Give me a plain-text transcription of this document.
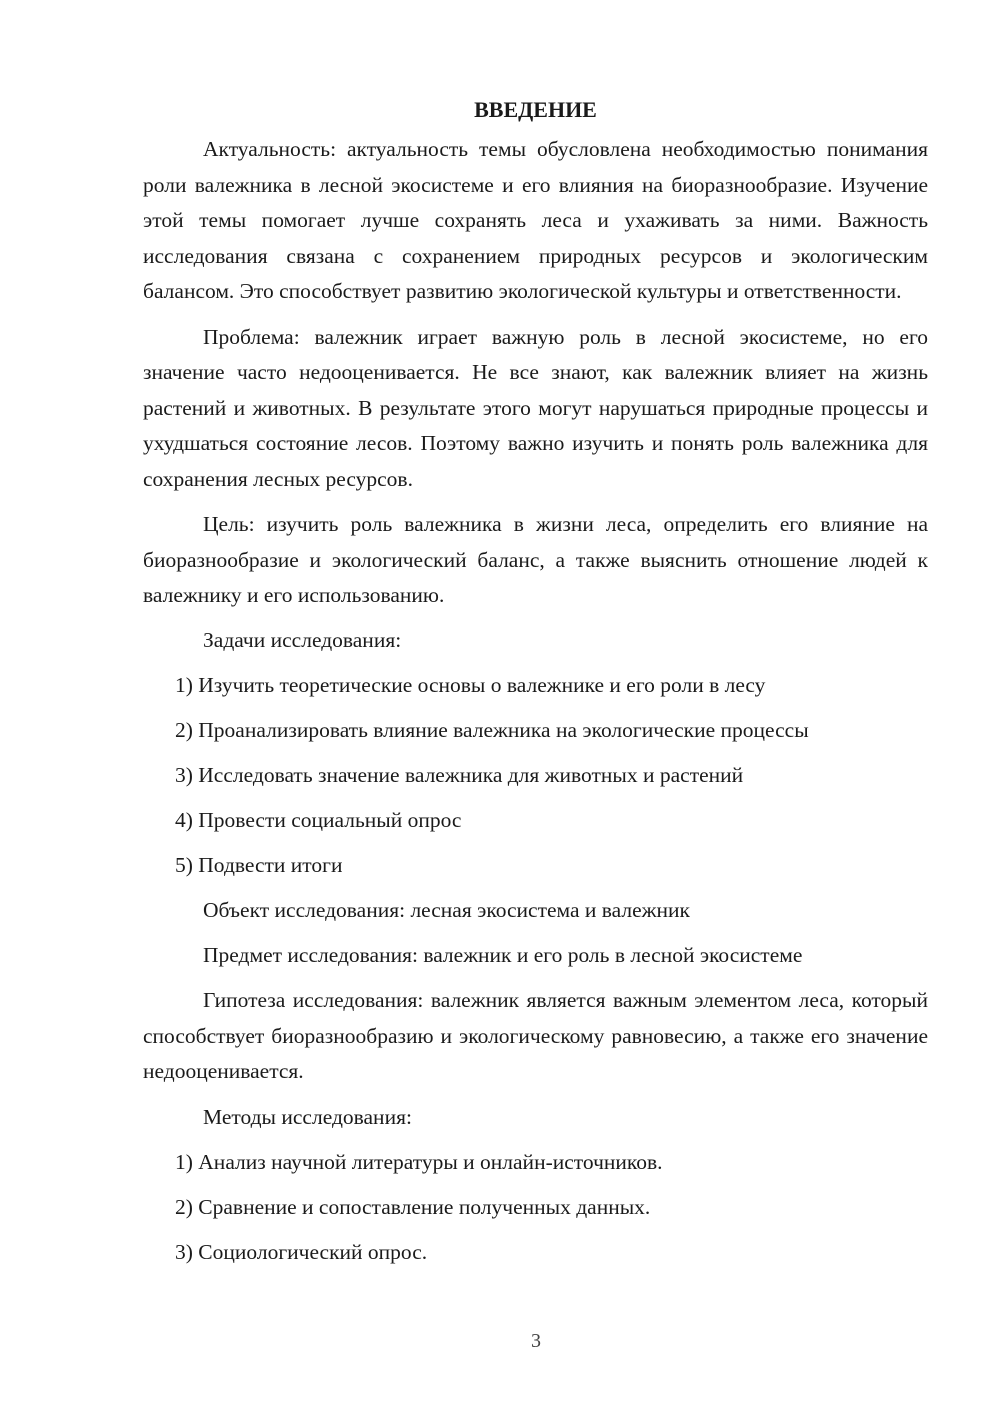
ВВЕДЕНИЕ

Актуальность: актуальность темы обусловлена необходимостью понимания роли валежника в лесной экосистеме и его влияния на биоразнообразие. Изучение этой темы помогает лучше сохранять леса и ухаживать за ними. Важность исследования связана с сохранением природных ресурсов и экологическим балансом. Это способствует развитию экологической культуры и ответственности.

Проблема: валежник играет важную роль в лесной экосистеме, но его значение часто недооценивается. Не все знают, как валежник влияет на жизнь растений и животных. В результате этого могут нарушаться природные процессы и ухудшаться состояние лесов. Поэтому важно изучить и понять роль валежника для сохранения лесных ресурсов.

Цель: изучить роль валежника в жизни леса, определить его влияние на биоразнообразие и экологический баланс, а также выяснить отношение людей к валежнику и его использованию.

Задачи исследования:

1) Изучить теоретические основы о валежнике и его роли в лесу

2) Проанализировать влияние валежника на экологические процессы

3) Исследовать значение валежника для животных и растений

4) Провести социальный опрос

5) Подвести итоги

Объект исследования: лесная экосистема и валежник

Предмет исследования: валежник и его роль в лесной экосистеме

Гипотеза исследования: валежник является важным элементом леса, который способствует биоразнообразию и экологическому равновесию, а также его значение недооценивается.

Методы исследования:

1) Анализ научной литературы и онлайн-источников.

2) Сравнение и сопоставление полученных данных.

3) Социологический опрос.

3
